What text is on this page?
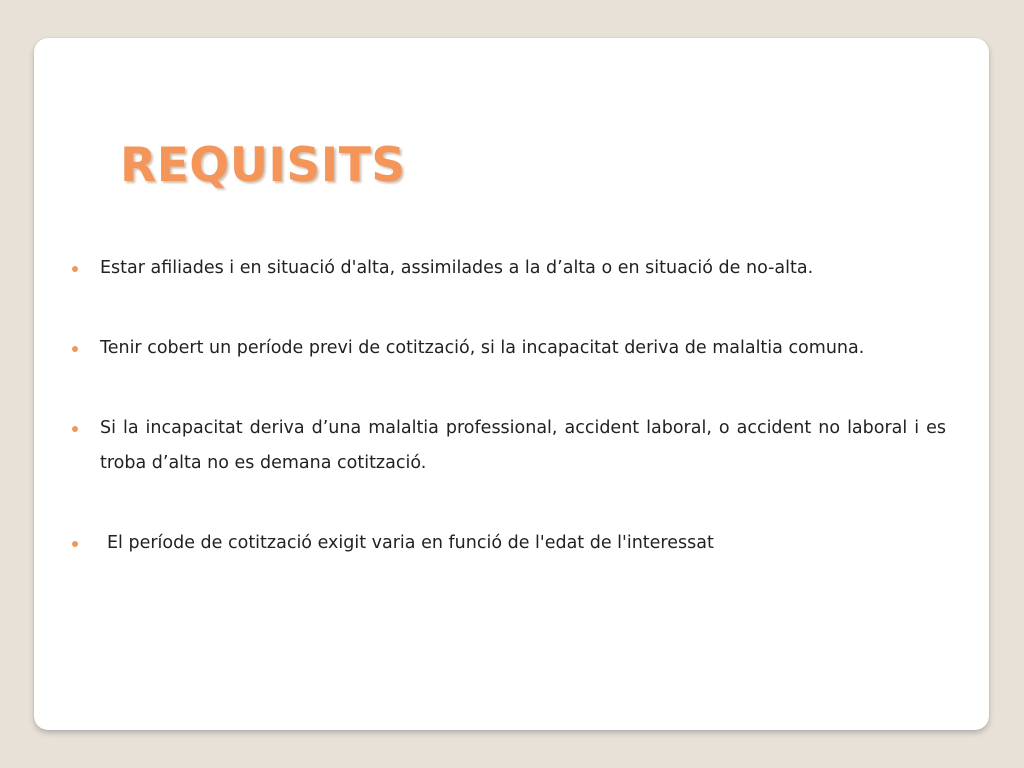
REQUISITS
Estar afiliades i en situació d'alta, assimilades a la d’alta o en situació de no-alta.
Tenir cobert un període previ de cotització, si la incapacitat deriva de malaltia comuna.
Si la incapacitat deriva d’una malaltia professional, accident laboral, o accident no laboral i es troba d’alta no es demana cotització.
El període de cotització exigit varia en funció de l'edat de l'interessat
